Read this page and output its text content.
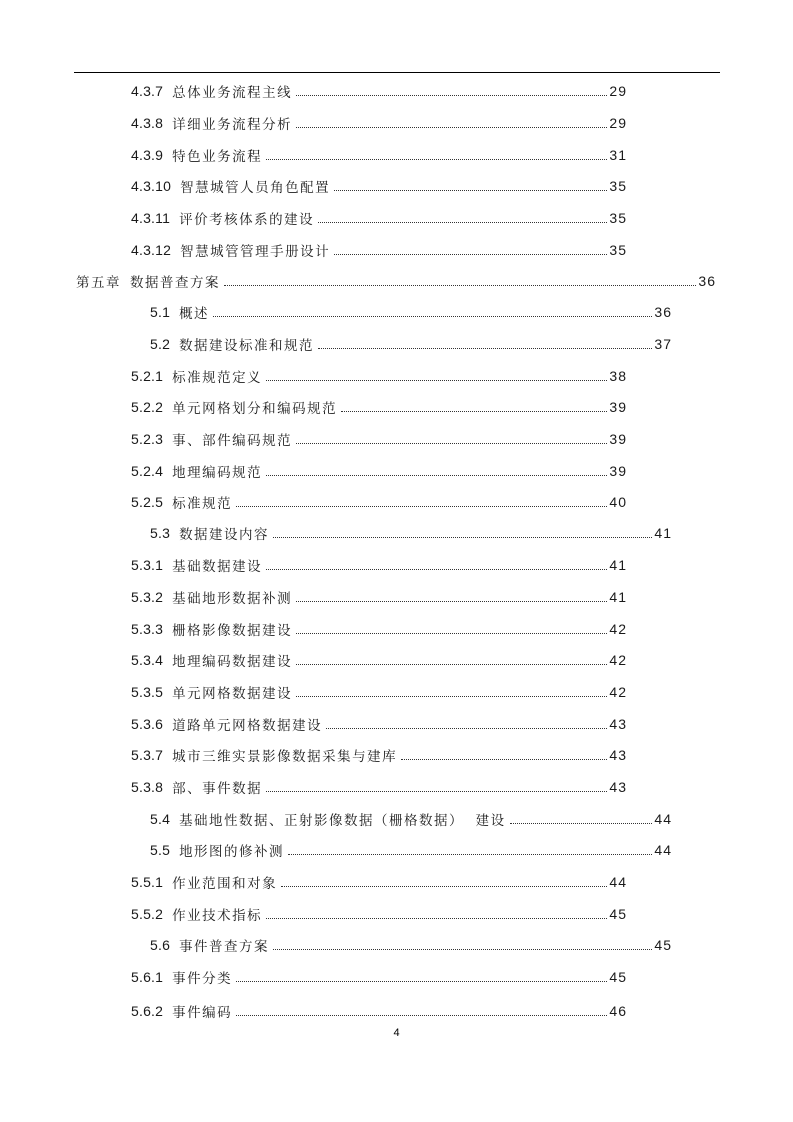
4.3.7 总体业务流程主线	29
4.3.8 详细业务流程分析	29
4.3.9 特色业务流程	31
4.3.10 智慧城管人员角色配置	35
4.3.11 评价考核体系的建设	35
4.3.12 智慧城管管理手册设计	35
第五章 数据普查方案	36
5.1 概述	36
5.2 数据建设标准和规范	37
5.2.1 标准规范定义	38
5.2.2 单元网格划分和编码规范	39
5.2.3 事、部件编码规范	39
5.2.4 地理编码规范	39
5.2.5 标准规范	40
5.3 数据建设内容	41
5.3.1 基础数据建设	41
5.3.2 基础地形数据补测	41
5.3.3 栅格影像数据建设	42
5.3.4 地理编码数据建设	42
5.3.5 单元网格数据建设	42
5.3.6 道路单元网格数据建设	43
5.3.7 城市三维实景影像数据采集与建库	43
5.3.8 部、事件数据	43
5.4 基础地性数据、正射影像数据（栅格数据）  建设	44
5.5 地形图的修补测	44
5.5.1 作业范围和对象	44
5.5.2 作业技术指标	45
5.6 事件普查方案	45
5.6.1 事件分类	45
5.6.2 事件编码	46
4
